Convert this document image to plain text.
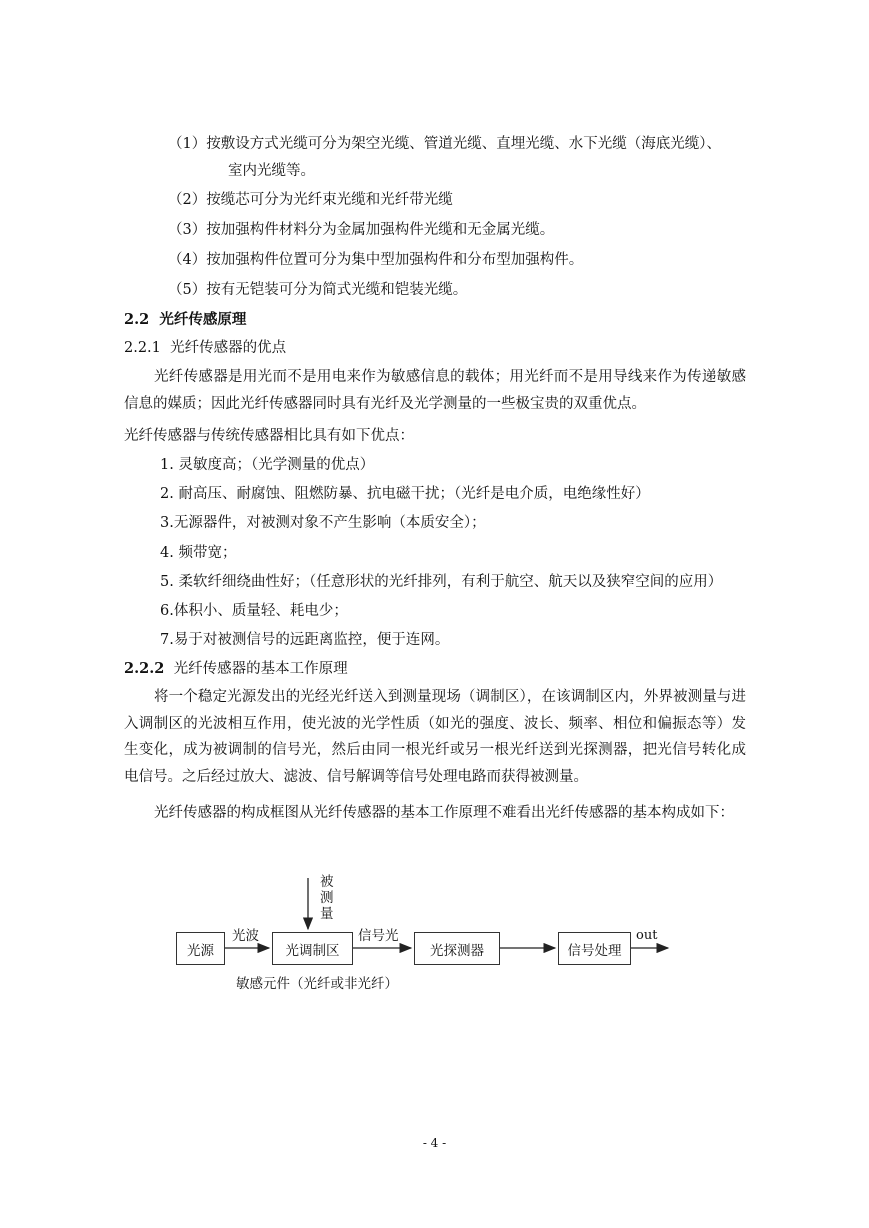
（1）按敷设方式光缆可分为架空光缆、管道光缆、直埋光缆、水下光缆（海底光缆）、
室内光缆等。
（2）按缆芯可分为光纤束光缆和光纤带光缆
（3）按加强构件材料分为金属加强构件光缆和无金属光缆。
（4）按加强构件位置可分为集中型加强构件和分布型加强构件。
（5）按有无铠装可分为简式光缆和铠装光缆。
2.2 光纤传感原理
2.2.1 光纤传感器的优点
光纤传感器是用光而不是用电来作为敏感信息的载体；用光纤而不是用导线来作为传递敏感信息的媒质；因此光纤传感器同时具有光纤及光学测量的一些极宝贵的双重优点。
光纤传感器与传统传感器相比具有如下优点：
1. 灵敏度高；（光学测量的优点）
2. 耐高压、耐腐蚀、阻燃防暴、抗电磁干扰；（光纤是电介质，电绝缘性好）
3.无源器件，对被测对象不产生影响（本质安全）；
4. 频带宽；
5. 柔软纤细绕曲性好；（任意形状的光纤排列，有利于航空、航天以及狭窄空间的应用）
6.体积小、质量轻、耗电少；
7.易于对被测信号的远距离监控，便于连网。
2.2.2 光纤传感器的基本工作原理
将一个稳定光源发出的光经光纤送入到测量现场（调制区），在该调制区内，外界被测量与进入调制区的光波相互作用，使光波的光学性质（如光的强度、波长、频率、相位和偏振态等）发生变化，成为被调制的信号光，然后由同一根光纤或另一根光纤送到光探测器，把光信号转化成电信号。之后经过放大、滤波、信号解调等信号处理电路而获得被测量。
光纤传感器的构成框图从光纤传感器的基本工作原理不难看出光纤传感器的基本构成如下：
光源	光调制区	光探测器	信号处理
被
测
量
光波	信号光	out
敏感元件（光纤或非光纤）
- 4 -
